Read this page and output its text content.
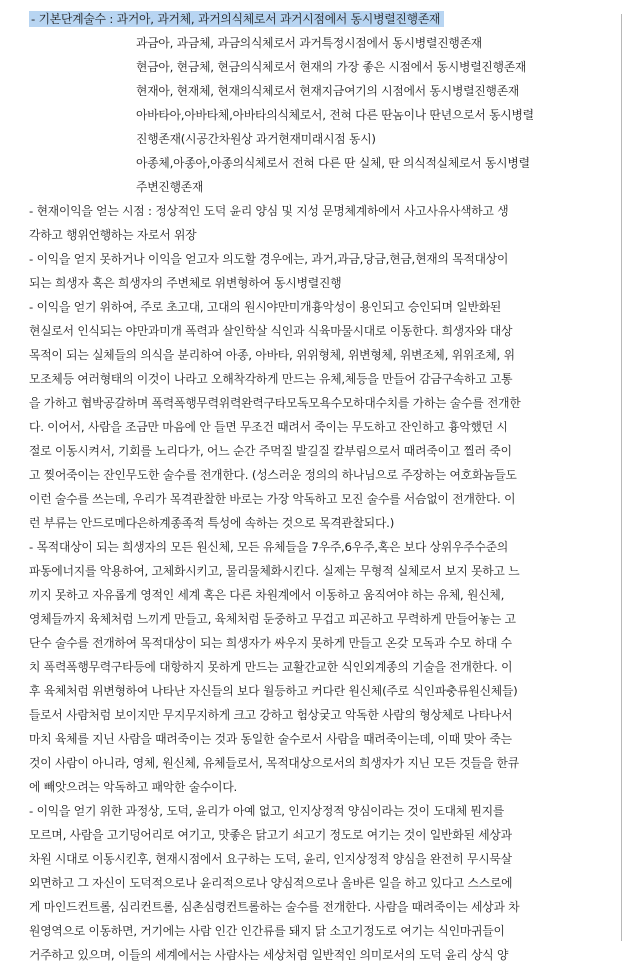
- 기본단계술수 : 과거아, 과거체, 과거의식체로서 과거시점에서 동시병렬진행존재
과금아, 과금체, 과금의식체로서 과거특정시점에서 동시병렬진행존재
현금아, 현금체, 현금의식체로서 현재의 가장 좋은 시점에서 동시병렬진행존재
현재아, 현재체, 현재의식체로서 현재지금여기의 시점에서 동시병렬진행존재
아바타아,아바타체,아바타의식체로서, 전혀 다른 딴놈이나 딴년으로서 동시병렬
진행존재(시공간차원상 과거현재미래시점 동시)
아종체,아종아,아종의식체로서 전혀 다른 딴 실체, 딴 의식적실체로서 동시병렬
주변진행존재
- 현재이익을 얻는 시점 : 정상적인 도덕 윤리 양심 및 지성 문명체계하에서 사고사유사색하고 생
각하고 행위언행하는 자로서 위장
- 이익을 얻지 못하거나 이익을 얻고자 의도할 경우에는, 과거,과금,당금,현금,현재의 목적대상이
되는 희생자 혹은 희생자의 주변체로 위변형하여 동시병렬진행
- 이익을 얻기 위하여, 주로 초고대, 고대의 원시야만미개흉악성이 용인되고 승인되며 일반화된
현실로서 인식되는 야만과미개 폭력과 살인학살 식인과 식육마물시대로 이동한다. 희생자와 대상
목적이 되는 실체들의 의식을 분리하여 아종, 아바타, 위위형체, 위변형체, 위변조체, 위위조체, 위
모조체등 여러형태의 이것이 나라고 오해착각하게 만드는 유체,체등을 만들어 감금구속하고 고통
을 가하고 협박공갈하며 폭력폭행무력위력완력구타모독모욕수모하대수치를 가하는 술수를 전개한
다. 이어서, 사람을 조금만 마음에 안 들면 무조건 때려서 죽이는 무도하고 잔인하고 흉악했던 시
절로 이동시켜서, 기회를 노리다가, 어느 순간 주먹질 발길질 칼부림으로서 때려죽이고 찔러 죽이
고 찢어죽이는 잔인무도한 술수를 전개한다. (성스러운 정의의 하나님으로 주장하는 여호화놈들도
이런 술수를 쓰는데, 우리가 목격관찰한 바로는 가장 악독하고 모진 술수를 서슴없이 전개한다. 이
런 부류는 안드로메다은하계종족적 특성에 속하는 것으로 목격관찰되다.)
- 목적대상이 되는 희생자의 모든 원신체, 모든 유체들을 7우주,6우주,혹은 보다 상위우주수준의
파동에너지를 악용하여, 고체화시키고, 물리물체화시킨다. 실제는 무형적 실체로서 보지 못하고 느
끼지 못하고 자유롭게 영적인 세계 혹은 다른 차원계에서 이동하고 움직여야 하는 유체, 원신체,
영체들까지 육체처럼 느끼게 만들고, 육체처럼 둔중하고 무겁고 피곤하고 무력하게 만들어놓는 고
단수 술수를 전개하여 목적대상이 되는 희생자가 싸우지 못하게 만들고 온갖 모독과 수모 하대 수
치 폭력폭행무력구타등에 대항하지 못하게 만드는 교활간교한 식인외계종의 기술을 전개한다. 이
후 육체처럼 위변형하여 나타난 자신들의 보다 월등하고 커다란 원신체(주로 식인파충류원신체들)
들로서 사람처럼 보이지만 무지무지하게 크고 강하고 험상궂고 악독한 사람의 형상체로 나타나서
마치 육체를 지닌 사람을 때려죽이는 것과 동일한 술수로서 사람을 때려죽이는데, 이때 맞아 죽는
것이 사람이 아니라, 영체, 원신체, 유체들로서, 목적대상으로서의 희생자가 지닌 모든 것들을 한큐
에 빼앗으려는 악독하고 패악한 술수이다.
- 이익을 얻기 위한 과정상, 도덕, 윤리가 아예 없고, 인지상정적 양심이라는 것이 도대체 뭔지를
모르며, 사람을 고기덩어리로 여기고, 맛좋은 닭고기 쇠고기 정도로 여기는 것이 일반화된 세상과
차원 시대로 이동시킨후, 현재시점에서 요구하는 도덕, 윤리, 인지상정적 양심을 완전히 무시묵살
외면하고 그 자신이 도덕적으로나 윤리적으로나 양심적으로나 올바른 일을 하고 있다고 스스로에
게 마인드컨트롤, 심리컨트롤, 심촌심령컨트롤하는 술수를 전개한다. 사람을 때려죽이는 세상과 차
원영역으로 이동하면, 거기에는 사람 인간 인간류를 돼지 닭 소고기정도로 여기는 식인마귀들이
거주하고 있으며, 이들의 세계에서는 사람사는 세상처럼 일반적인 의미로서의 도덕 윤리 상식 양
